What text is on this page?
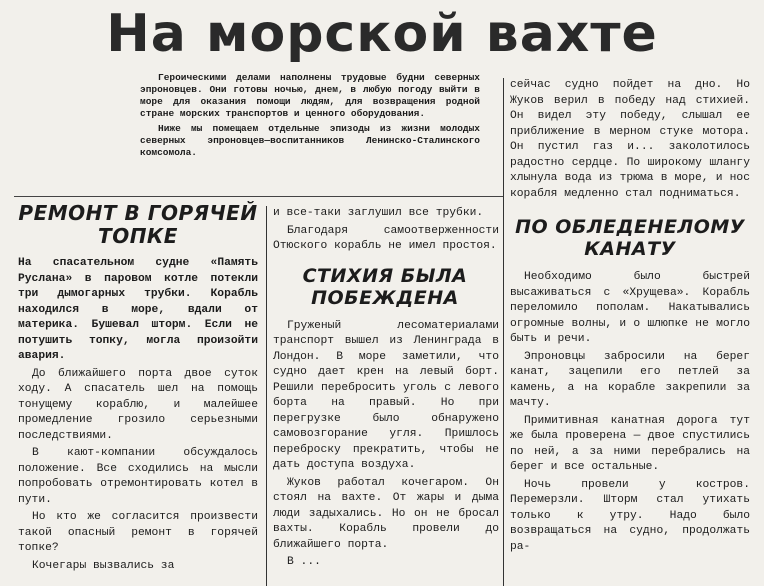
На морской вахте

Героическими делами наполнены трудовые будни северных эпроновцев. Они готовы ночью, днем, в любую погоду выйти в море для оказания помощи людям, для возвращения родной стране морских транспортов и ценного оборудования.

Ниже мы помещаем отдельные эпизоды из жизни молодых северных эпроновцев—воспитанников Ленинско-Сталинского комсомола.

РЕМОНТ В ГОРЯЧЕЙ ТОПКЕ

На спасательном судне «Память Руслана» в паровом котле потекли три дымогарных трубки. Корабль находился в море, вдали от материка. Бушевал шторм. Если не потушить топку, могла произойти авария.

До ближайшего порта двое суток ходу. А спасатель шел на помощь тонущему кораблю, и малейшее промедление грозило серьезными последствиями.

В кают-компании обсуждалось положение. Все сходились на мысли попробовать отремонтировать котел в пути.

Но кто же согласится произвести такой опасный ремонт в горячей топке?

Кочегары вызвались за

и все-таки заглушил все трубки.

Благодаря самоотверженности Отюского корабль не имел простоя.

СТИХИЯ БЫЛА ПОБЕЖДЕНА

Груженый лесоматериалами транспорт вышел из Ленинграда в Лондон. В море заметили, что судно дает крен на левый борт. Решили перебросить уголь с левого борта на правый. Но при перегрузке было обнаружено самовозгорание угля. Пришлось переброску прекратить, чтобы не дать доступа воздуха.

Жуков работал кочегаром. Он стоял на вахте. От жары и дыма люди задыхались. Но он не бросал вахты. Корабль провели до ближайшего порта.

В ...

сейчас судно пойдет на дно. Но Жуков верил в победу над стихией. Он видел эту победу, слышал ее приближение в мерном стуке мотора. Он пустил газ и... заколотилось радостно сердце. По широкому шлангу хлынула вода из трюма в море, и нос корабля медленно стал подниматься.

ПО ОБЛЕДЕНЕЛОМУ КАНАТУ

Необходимо было быстрей высаживаться с «Хрущева». Корабль переломило пополам. Накатывались огромные волны, и о шлюпке не могло быть и речи.

Эпроновцы забросили на берег канат, зацепили его петлей за камень, а на корабле закрепили за мачту.

Примитивная канатная дорога тут же была проверена — двое спустились по ней, а за ними перебрались на берег и все остальные.

Ночь провели у костров. Перемерзли. Шторм стал утихать только к утру. Надо было возвращаться на судно, продолжать ра-
